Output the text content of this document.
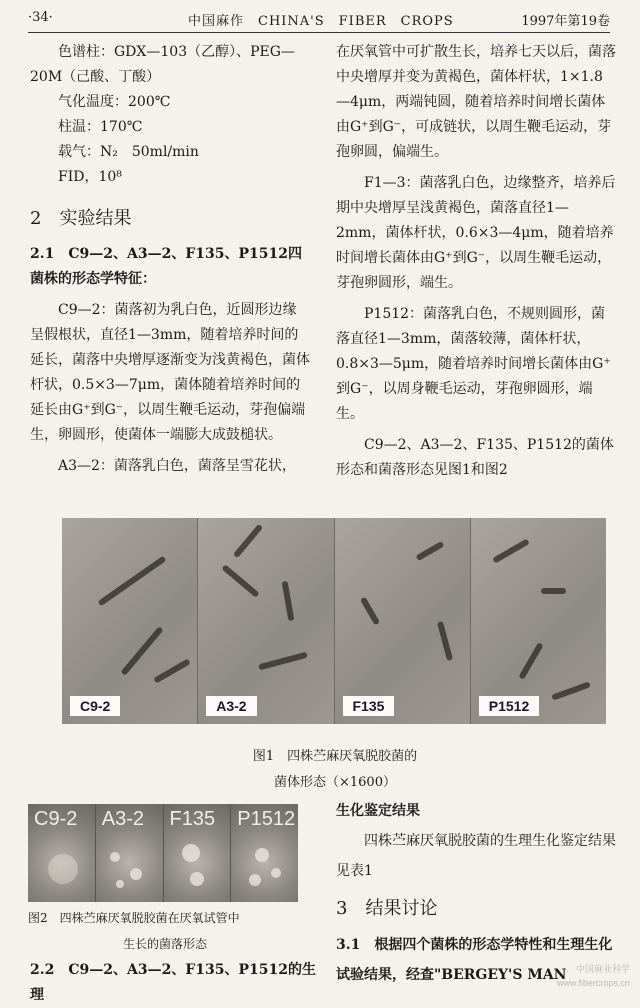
·34·	中国麻作　CHINA'S　FIBER　CROPS	1997年第19卷

色谱柱：GDX—103（乙醇）、PEG—

20M（己酸、丁酸）

气化温度：200℃

柱温：170℃

载气：N₂　50ml/min

FID，10⁸

2　实验结果

2.1　C9—2、A3—2、F135、P1512四菌株的形态学特征：

C9—2：菌落初为乳白色，近圆形边缘呈假根状，直径1—3mm，随着培养时间的延长，菌落中央增厚逐渐变为浅黄褐色，菌体杆状，0.5×3—7μm，菌体随着培养时间的延长由G⁺到G⁻，以周生鞭毛运动，芽孢偏端生，卵圆形，使菌体一端膨大成鼓槌状。

A3—2：菌落乳白色，菌落呈雪花状，

在厌氧管中可扩散生长，培养七天以后，菌落中央增厚并变为黄褐色，菌体杆状，1×1.8—4μm，两端钝圆，随着培养时间增长菌体由G⁺到G⁻，可成链状，以周生鞭毛运动，芽孢卵圆，偏端生。

F1—3：菌落乳白色，边缘整齐，培养后期中央增厚呈浅黄褐色，菌落直径1—2mm，菌体杆状，0.6×3—4μm，随着培养时间增长菌体由G⁺到G⁻，以周生鞭毛运动，芽孢卵圆形，端生。

P1512：菌落乳白色，不规则圆形，菌落直径1—3mm，菌落较薄，菌体杆状，0.8×3—5μm，随着培养时间增长菌体由G⁺到G⁻，以周身鞭毛运动，芽孢卵圆形，端生。

C9—2、A3—2、F135、P1512的菌体形态和菌落形态见图1和图2

C9-2	A3-2	F135	P1512
图1　四株苎麻厌氧脱胶菌的
菌体形态（×1600）
C9-2 A3-2 F135 P1512

图2　四株苎麻厌氧脱胶菌在厌氧试管中

生长的菌落形态

2.2　C9—2、A3—2、F135、P1512的生理

生化鉴定结果

四株苎麻厌氧脱胶菌的生理生化鉴定结果见表1

3　结果讨论

3.1　根据四个菌株的形态学特性和生理生化试验结果，经查"BERGEY'S MAN	中国麻业科学
www.fibercrops.cn
